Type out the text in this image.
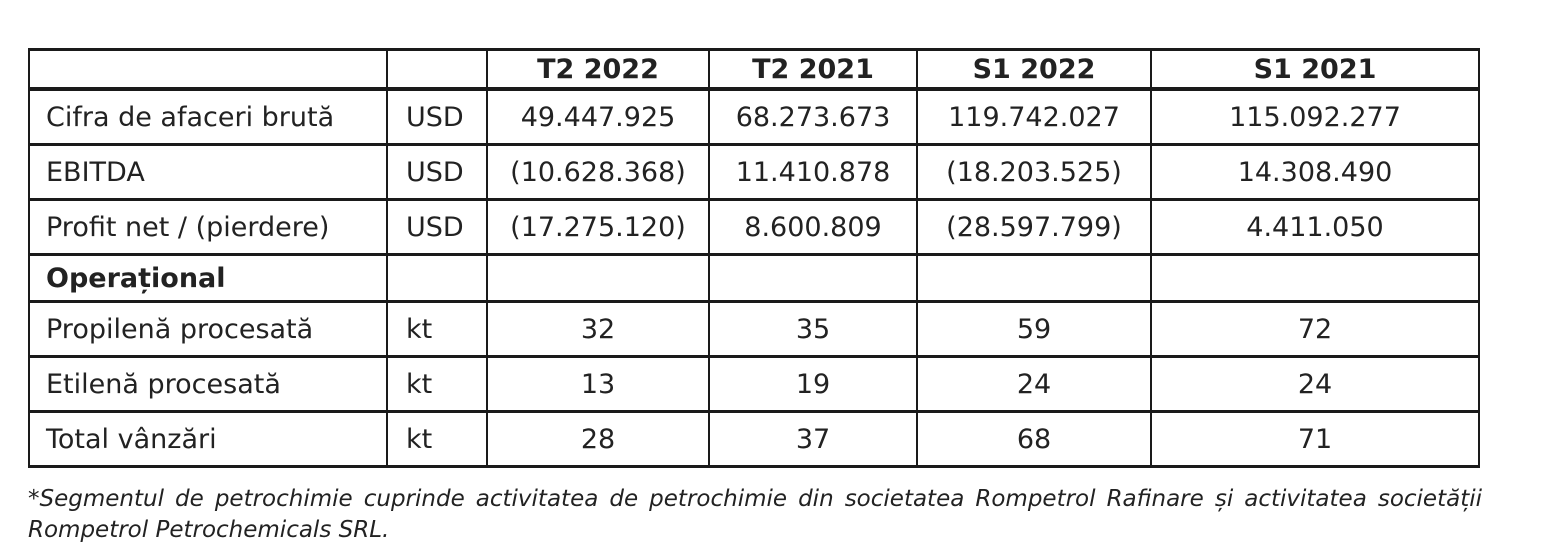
		T2 2022	T2 2021	S1 2022	S1 2021
Cifra de afaceri brută	USD	49.447.925	68.273.673	119.742.027	115.092.277
EBITDA	USD	(10.628.368)	11.410.878	(18.203.525)	14.308.490
Profit net / (pierdere)	USD	(17.275.120)	8.600.809	(28.597.799)	4.411.050
Operațional					
Propilenă procesată	kt	32	35	59	72
Etilenă procesată	kt	13	19	24	24
Total vânzări	kt	28	37	68	71
*Segmentul de petrochimie cuprinde activitatea de petrochimie din societatea Rompetrol Rafinare și activitatea societății Rompetrol Petrochemicals SRL.
